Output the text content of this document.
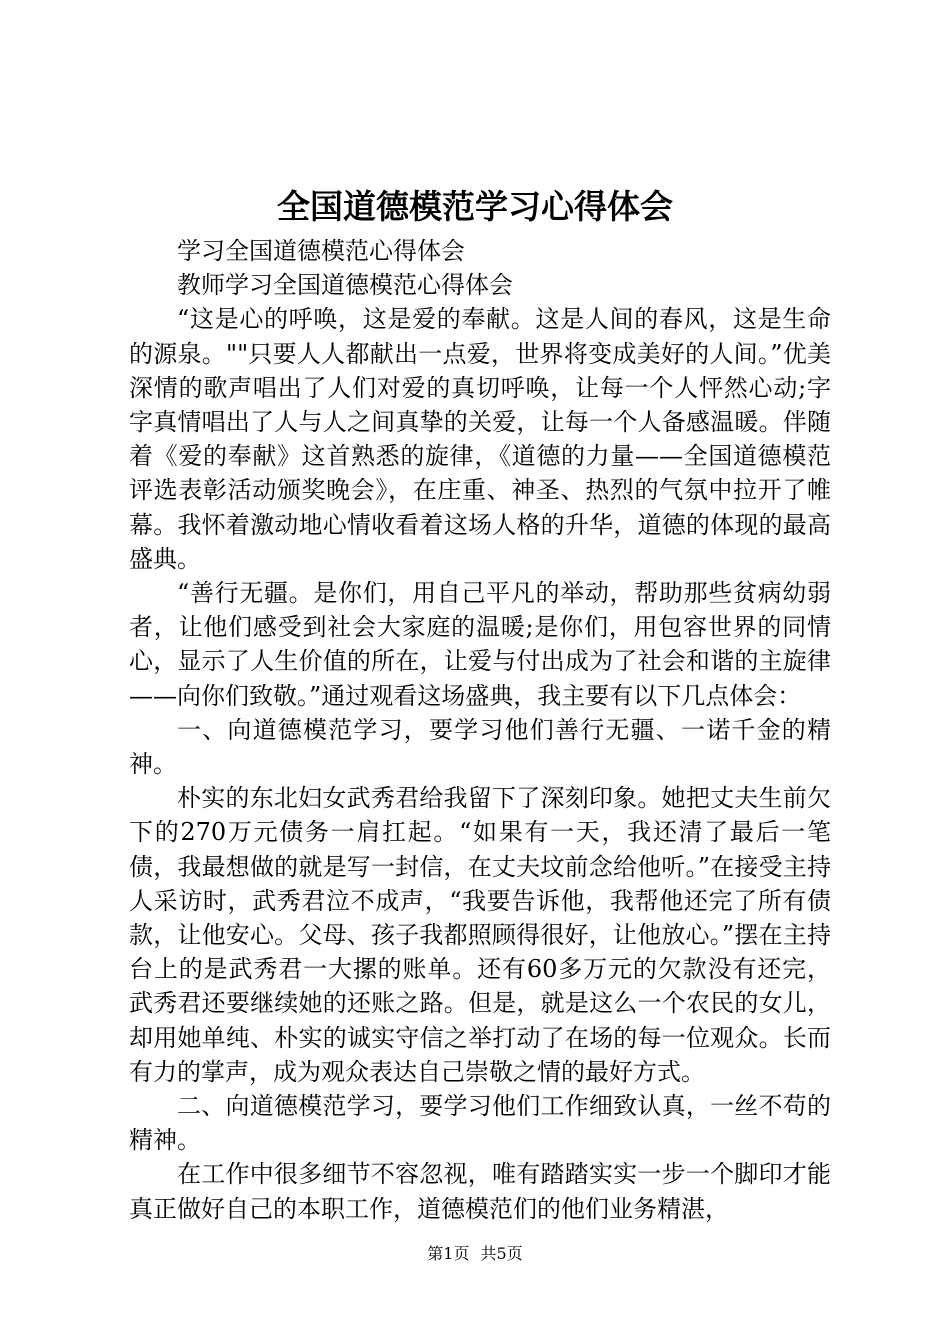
全国道德模范学习心得体会

学习全国道德模范心得体会

教师学习全国道德模范心得体会

“这是心的呼唤，这是爱的奉献。这是人间的春风，这是生命的源泉。""只要人人都献出一点爱，世界将变成美好的人间。”优美深情的歌声唱出了人们对爱的真切呼唤，让每一个人怦然心动;字字真情唱出了人与人之间真挚的关爱，让每一个人备感温暖。伴随着《爱的奉献》这首熟悉的旋律，《道德的力量——全国道德模范评选表彰活动颁奖晚会》，在庄重、神圣、热烈的气氛中拉开了帷幕。我怀着激动地心情收看着这场人格的升华，道德的体现的最高盛典。

“善行无疆。是你们，用自己平凡的举动，帮助那些贫病幼弱者，让他们感受到社会大家庭的温暖;是你们，用包容世界的同情心，显示了人生价值的所在，让爱与付出成为了社会和谐的主旋律——向你们致敬。”通过观看这场盛典，我主要有以下几点体会：

一、向道德模范学习，要学习他们善行无疆、一诺千金的精神。

朴实的东北妇女武秀君给我留下了深刻印象。她把丈夫生前欠下的270万元债务一肩扛起。“如果有一天，我还清了最后一笔债，我最想做的就是写一封信，在丈夫坟前念给他听。”在接受主持人采访时，武秀君泣不成声，“我要告诉他，我帮他还完了所有债款，让他安心。父母、孩子我都照顾得很好，让他放心。”摆在主持台上的是武秀君一大摞的账单。还有60多万元的欠款没有还完，武秀君还要继续她的还账之路。但是，就是这么一个农民的女儿，却用她单纯、朴实的诚实守信之举打动了在场的每一位观众。长而有力的掌声，成为观众表达自己崇敬之情的最好方式。

二、向道德模范学习，要学习他们工作细致认真，一丝不苟的精神。

在工作中很多细节不容忽视，唯有踏踏实实一步一个脚印才能真正做好自己的本职工作，道德模范们的他们业务精湛，

第1页 共5页
